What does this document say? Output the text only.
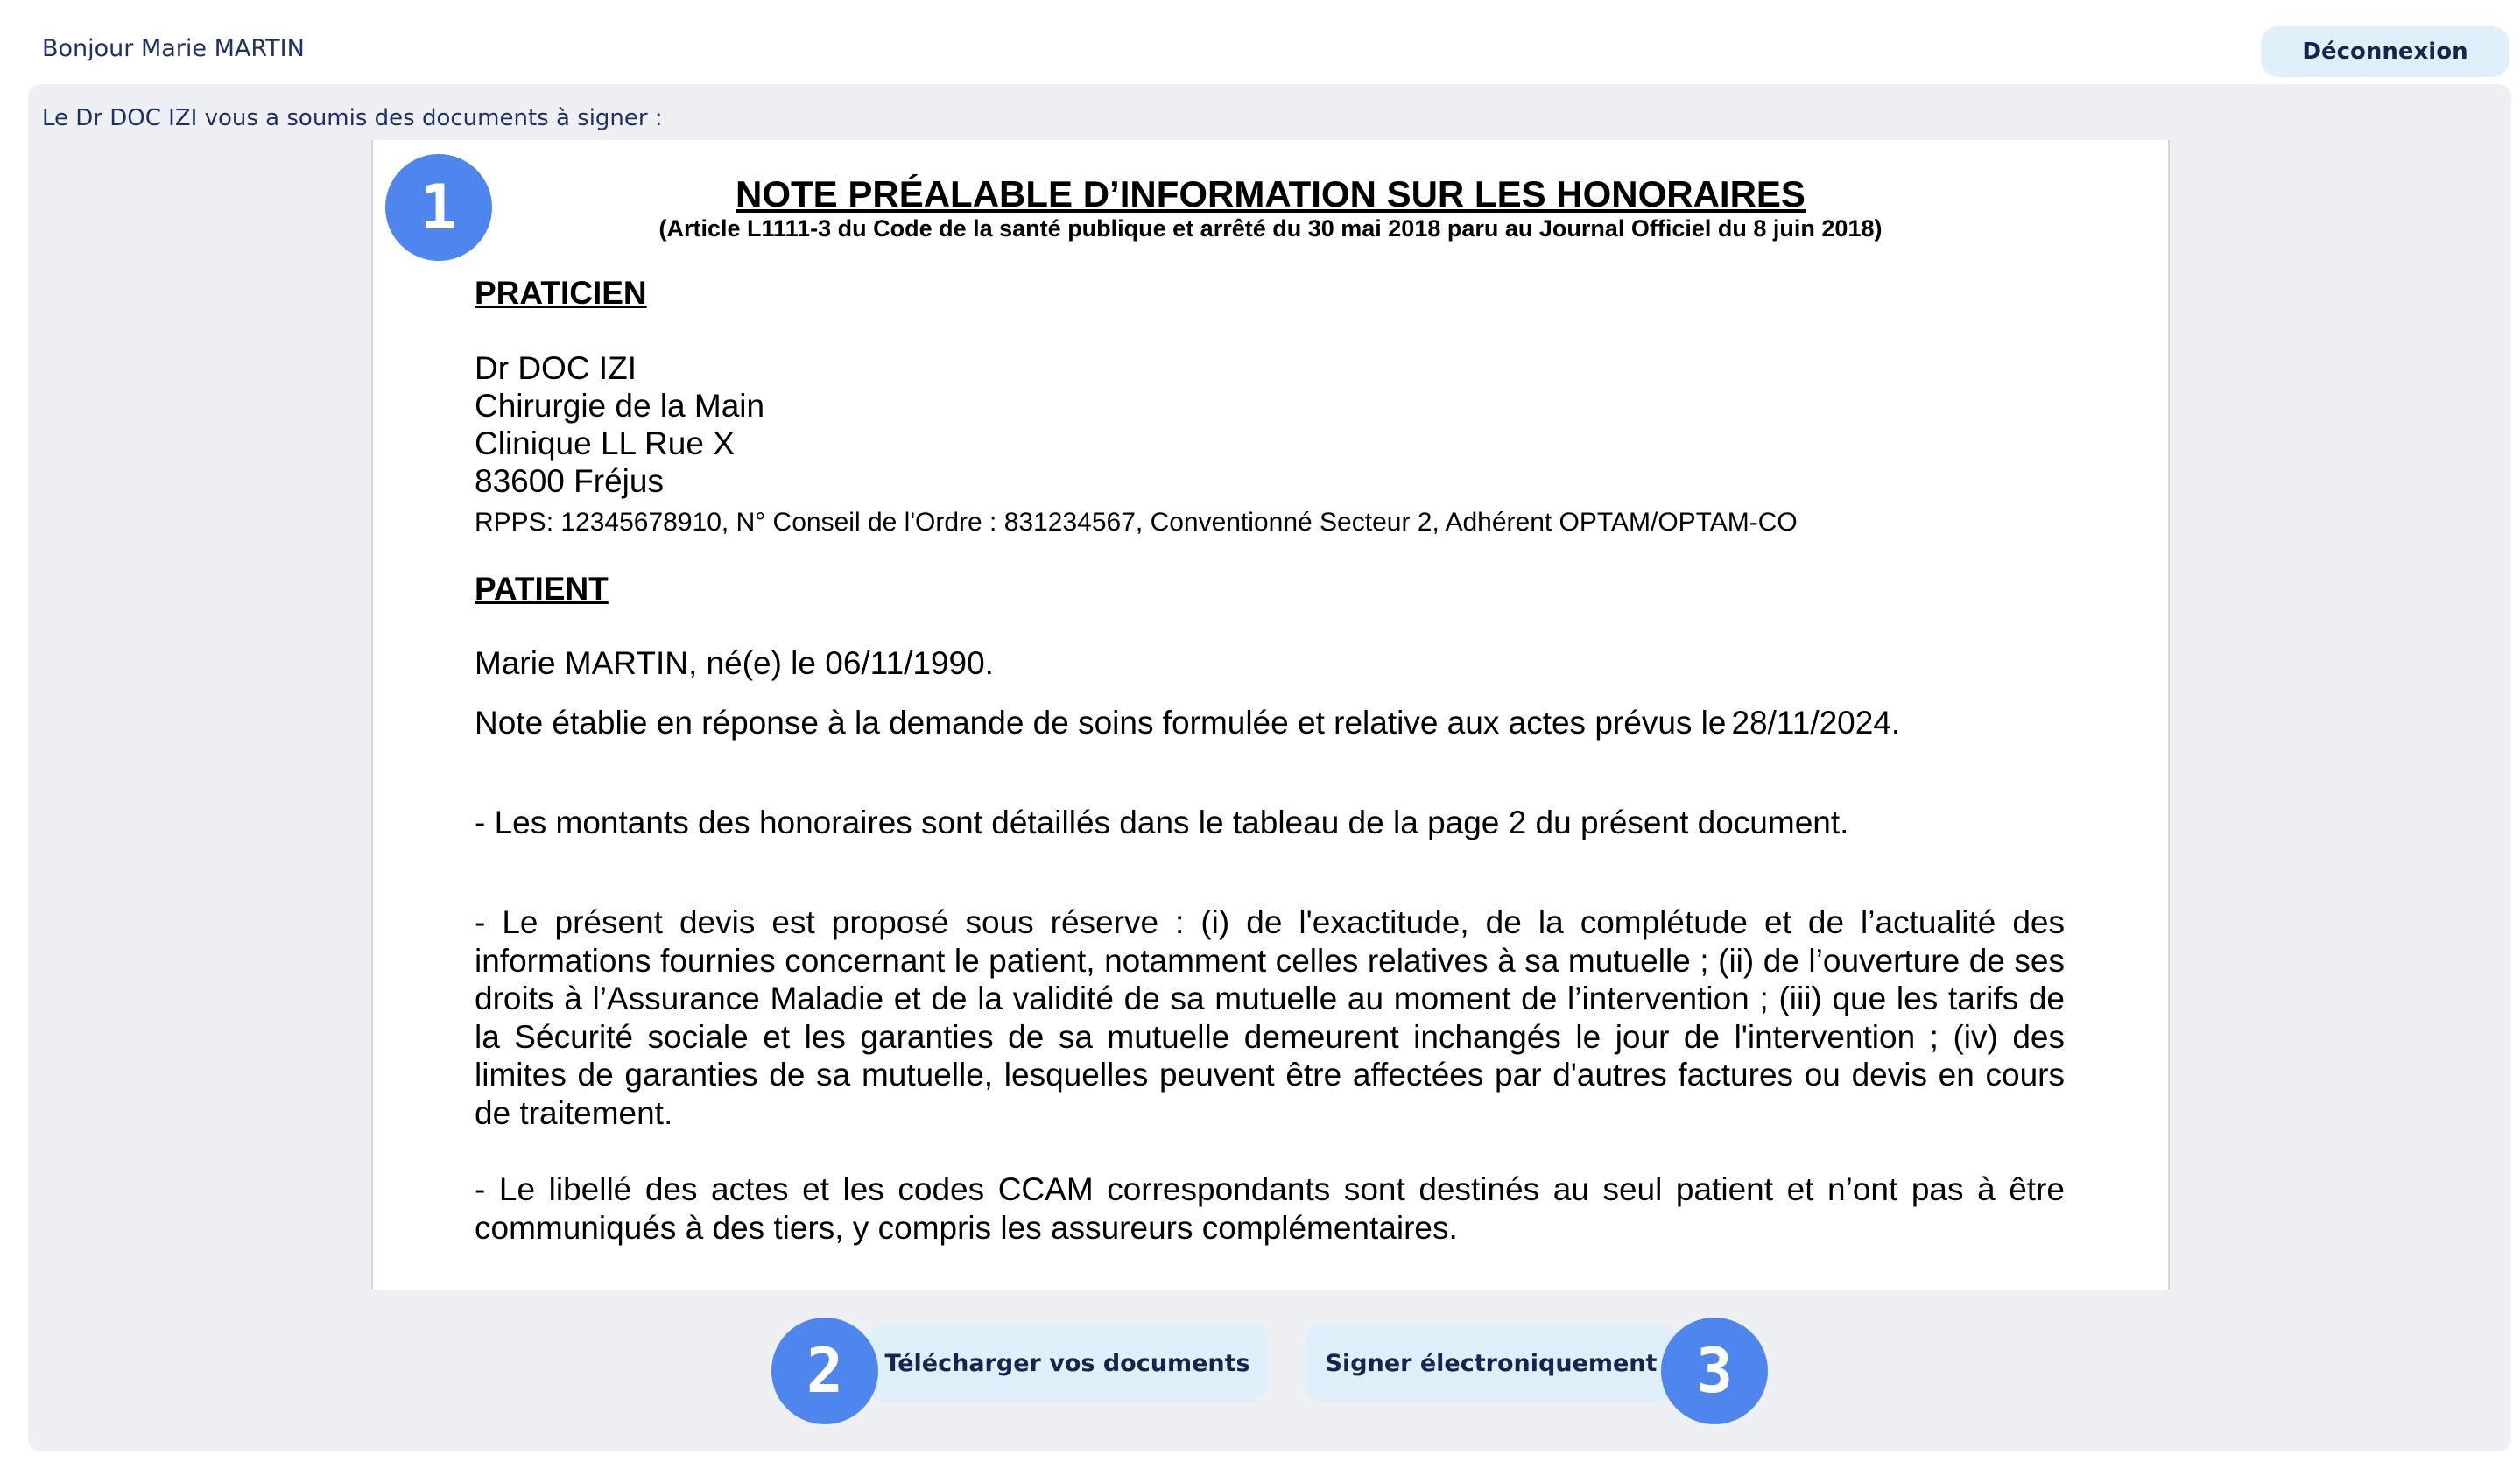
Bonjour Marie MARTIN	Déconnexion
Le Dr DOC IZI vous a soumis des documents à signer :
NOTE PRÉALABLE D’INFORMATION SUR LES HONORAIRES
(Article L1111-3 du Code de la santé publique et arrêté du 30 mai 2018 paru au Journal Officiel du 8 juin 2018)
PRATICIEN
Dr DOC IZI
Chirurgie de la Main
Clinique LL Rue X
83600 Fréjus
RPPS: 12345678910, N° Conseil de l'Ordre : 831234567, Conventionné Secteur 2, Adhérent OPTAM/OPTAM-CO
PATIENT
Marie MARTIN, né(e) le 06/11/1990.
Note établie en réponse à la demande de soins formulée et relative aux actes prévus le 28/11/2024.
- Les montants des honoraires sont détaillés dans le tableau de la page 2 du présent document.
- Le présent devis est proposé sous réserve : (i) de l'exactitude, de la complétude et de l’actualité des informations fournies concernant le patient, notamment celles relatives à sa mutuelle ; (ii) de l’ouverture de ses droits à l’Assurance Maladie et de la validité de sa mutuelle au moment de l’intervention ; (iii) que les tarifs de la Sécurité sociale et les garanties de sa mutuelle demeurent inchangés le jour de l'intervention ; (iv) des limites de garanties de sa mutuelle, lesquelles peuvent être affectées par d'autres factures ou devis en cours de traitement.
- Le libellé des actes et les codes CCAM correspondants sont destinés au seul patient et n’ont pas à être communiqués à des tiers, y compris les assureurs complémentaires.
1
Télécharger vos documents	Signer électroniquement
2	3
